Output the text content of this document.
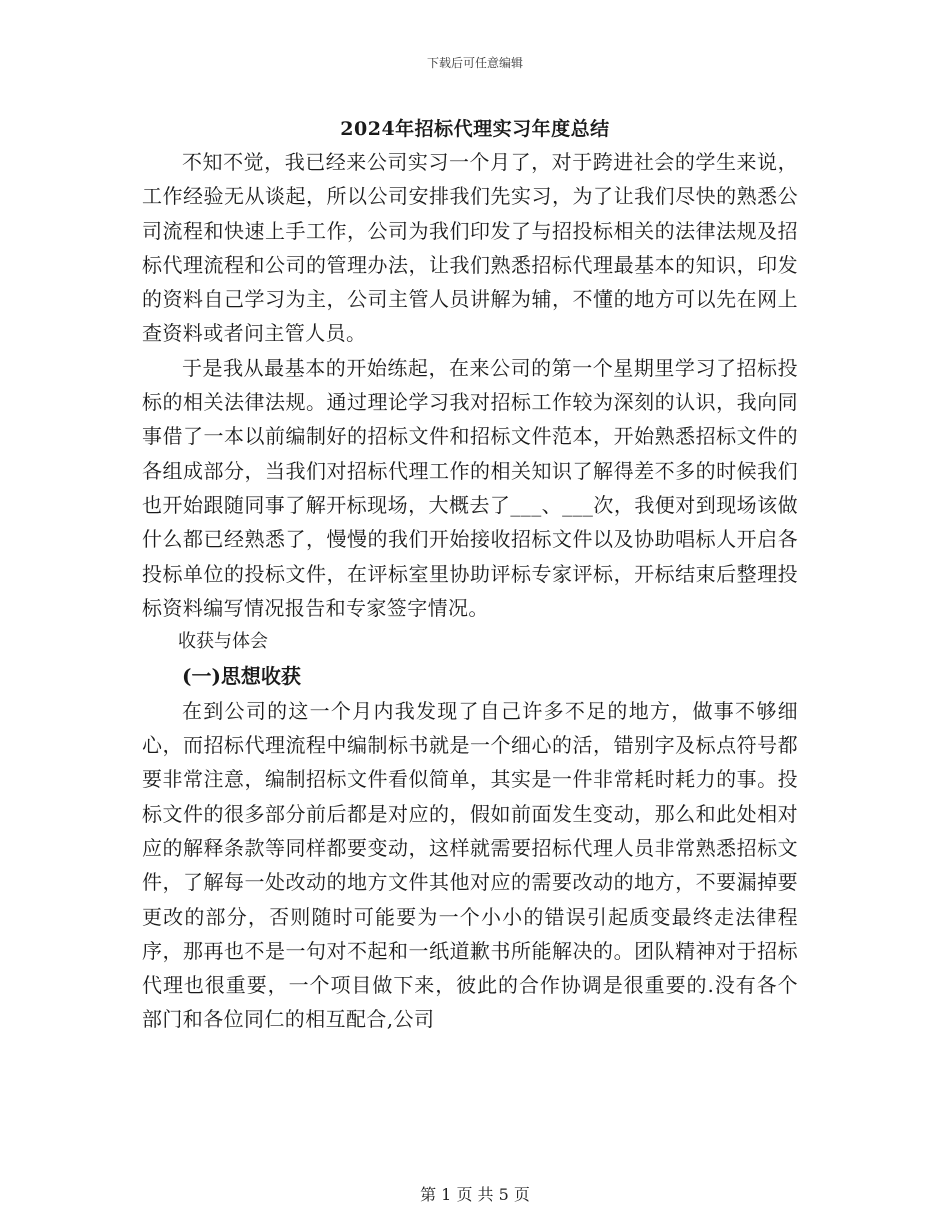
下载后可任意编辑
2024年招标代理实习年度总结

不知不觉，我已经来公司实习一个月了，对于跨进社会的学生来说，工作经验无从谈起，所以公司安排我们先实习，为了让我们尽快的熟悉公司流程和快速上手工作，公司为我们印发了与招投标相关的法律法规及招标代理流程和公司的管理办法，让我们熟悉招标代理最基本的知识，印发的资料自己学习为主，公司主管人员讲解为辅，不懂的地方可以先在网上查资料或者问主管人员。

于是我从最基本的开始练起，在来公司的第一个星期里学习了招标投标的相关法律法规。通过理论学习我对招标工作较为深刻的认识，我向同事借了一本以前编制好的招标文件和招标文件范本，开始熟悉招标文件的各组成部分，当我们对招标代理工作的相关知识了解得差不多的时候我们也开始跟随同事了解开标现场，大概去了___、___次，我便对到现场该做什么都已经熟悉了，慢慢的我们开始接收招标文件以及协助唱标人开启各投标单位的投标文件，在评标室里协助评标专家评标，开标结束后整理投标资料编写情况报告和专家签字情况。

收获与体会

(一)思想收获

在到公司的这一个月内我发现了自己许多不足的地方，做事不够细心，而招标代理流程中编制标书就是一个细心的活，错别字及标点符号都要非常注意，编制招标文件看似简单，其实是一件非常耗时耗力的事。投标文件的很多部分前后都是对应的，假如前面发生变动，那么和此处相对应的解释条款等同样都要变动，这样就需要招标代理人员非常熟悉招标文件，了解每一处改动的地方文件其他对应的需要改动的地方，不要漏掉要更改的部分，否则随时可能要为一个小小的错误引起质变最终走法律程序，那再也不是一句对不起和一纸道歉书所能解决的。团队精神对于招标代理也很重要，一个项目做下来，彼此的合作协调是很重要的.没有各个部门和各位同仁的相互配合,公司

第 1 页 共 5 页
